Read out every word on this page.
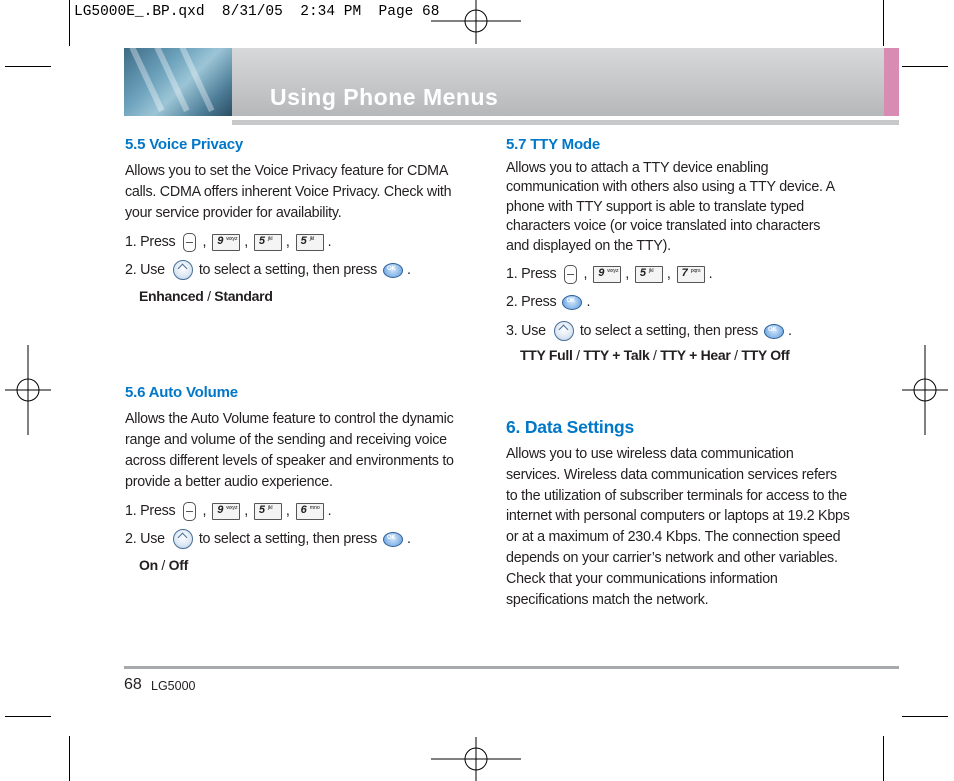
LG5000E_.BP.qxd  8/31/05  2:34 PM  Page 68
Using Phone Menus
5.5 Voice Privacy
Allows you to set the Voice Privacy feature for CDMA calls. CDMA offers inherent Voice Privacy. Check with your service provider for availability.
1. Press , 9 wxyz , 5 jkl , 5 jkl .
2. Use to select a setting, then press OK .
Enhanced / Standard
5.6 Auto Volume
Allows the Auto Volume feature to control the dynamic range and volume of the sending and receiving voice across different levels of speaker and environments to provide a better audio experience.
1. Press , 9 wxyz , 5 jkl , 6 mno .
2. Use to select a setting, then press OK .
On / Off
5.7 TTY Mode
Allows you to attach a TTY device enabling communication with others also using a TTY device. A phone with TTY support is able to translate typed characters voice (or voice translated into characters and displayed on the TTY).
1. Press , 9 wxyz , 5 jkl , 7 pqrs .
2. Press OK .
3. Use to select a setting, then press OK .
TTY Full / TTY + Talk / TTY + Hear / TTY Off
6. Data Settings
Allows you to use wireless data communication services. Wireless data communication services refers to the utilization of subscriber terminals for access to the internet with personal computers or laptops at 19.2 Kbps or at a maximum of 230.4 Kbps. The connection speed depends on your carrier’s network and other variables. Check that your communications information specifications match the network.
68 LG5000
